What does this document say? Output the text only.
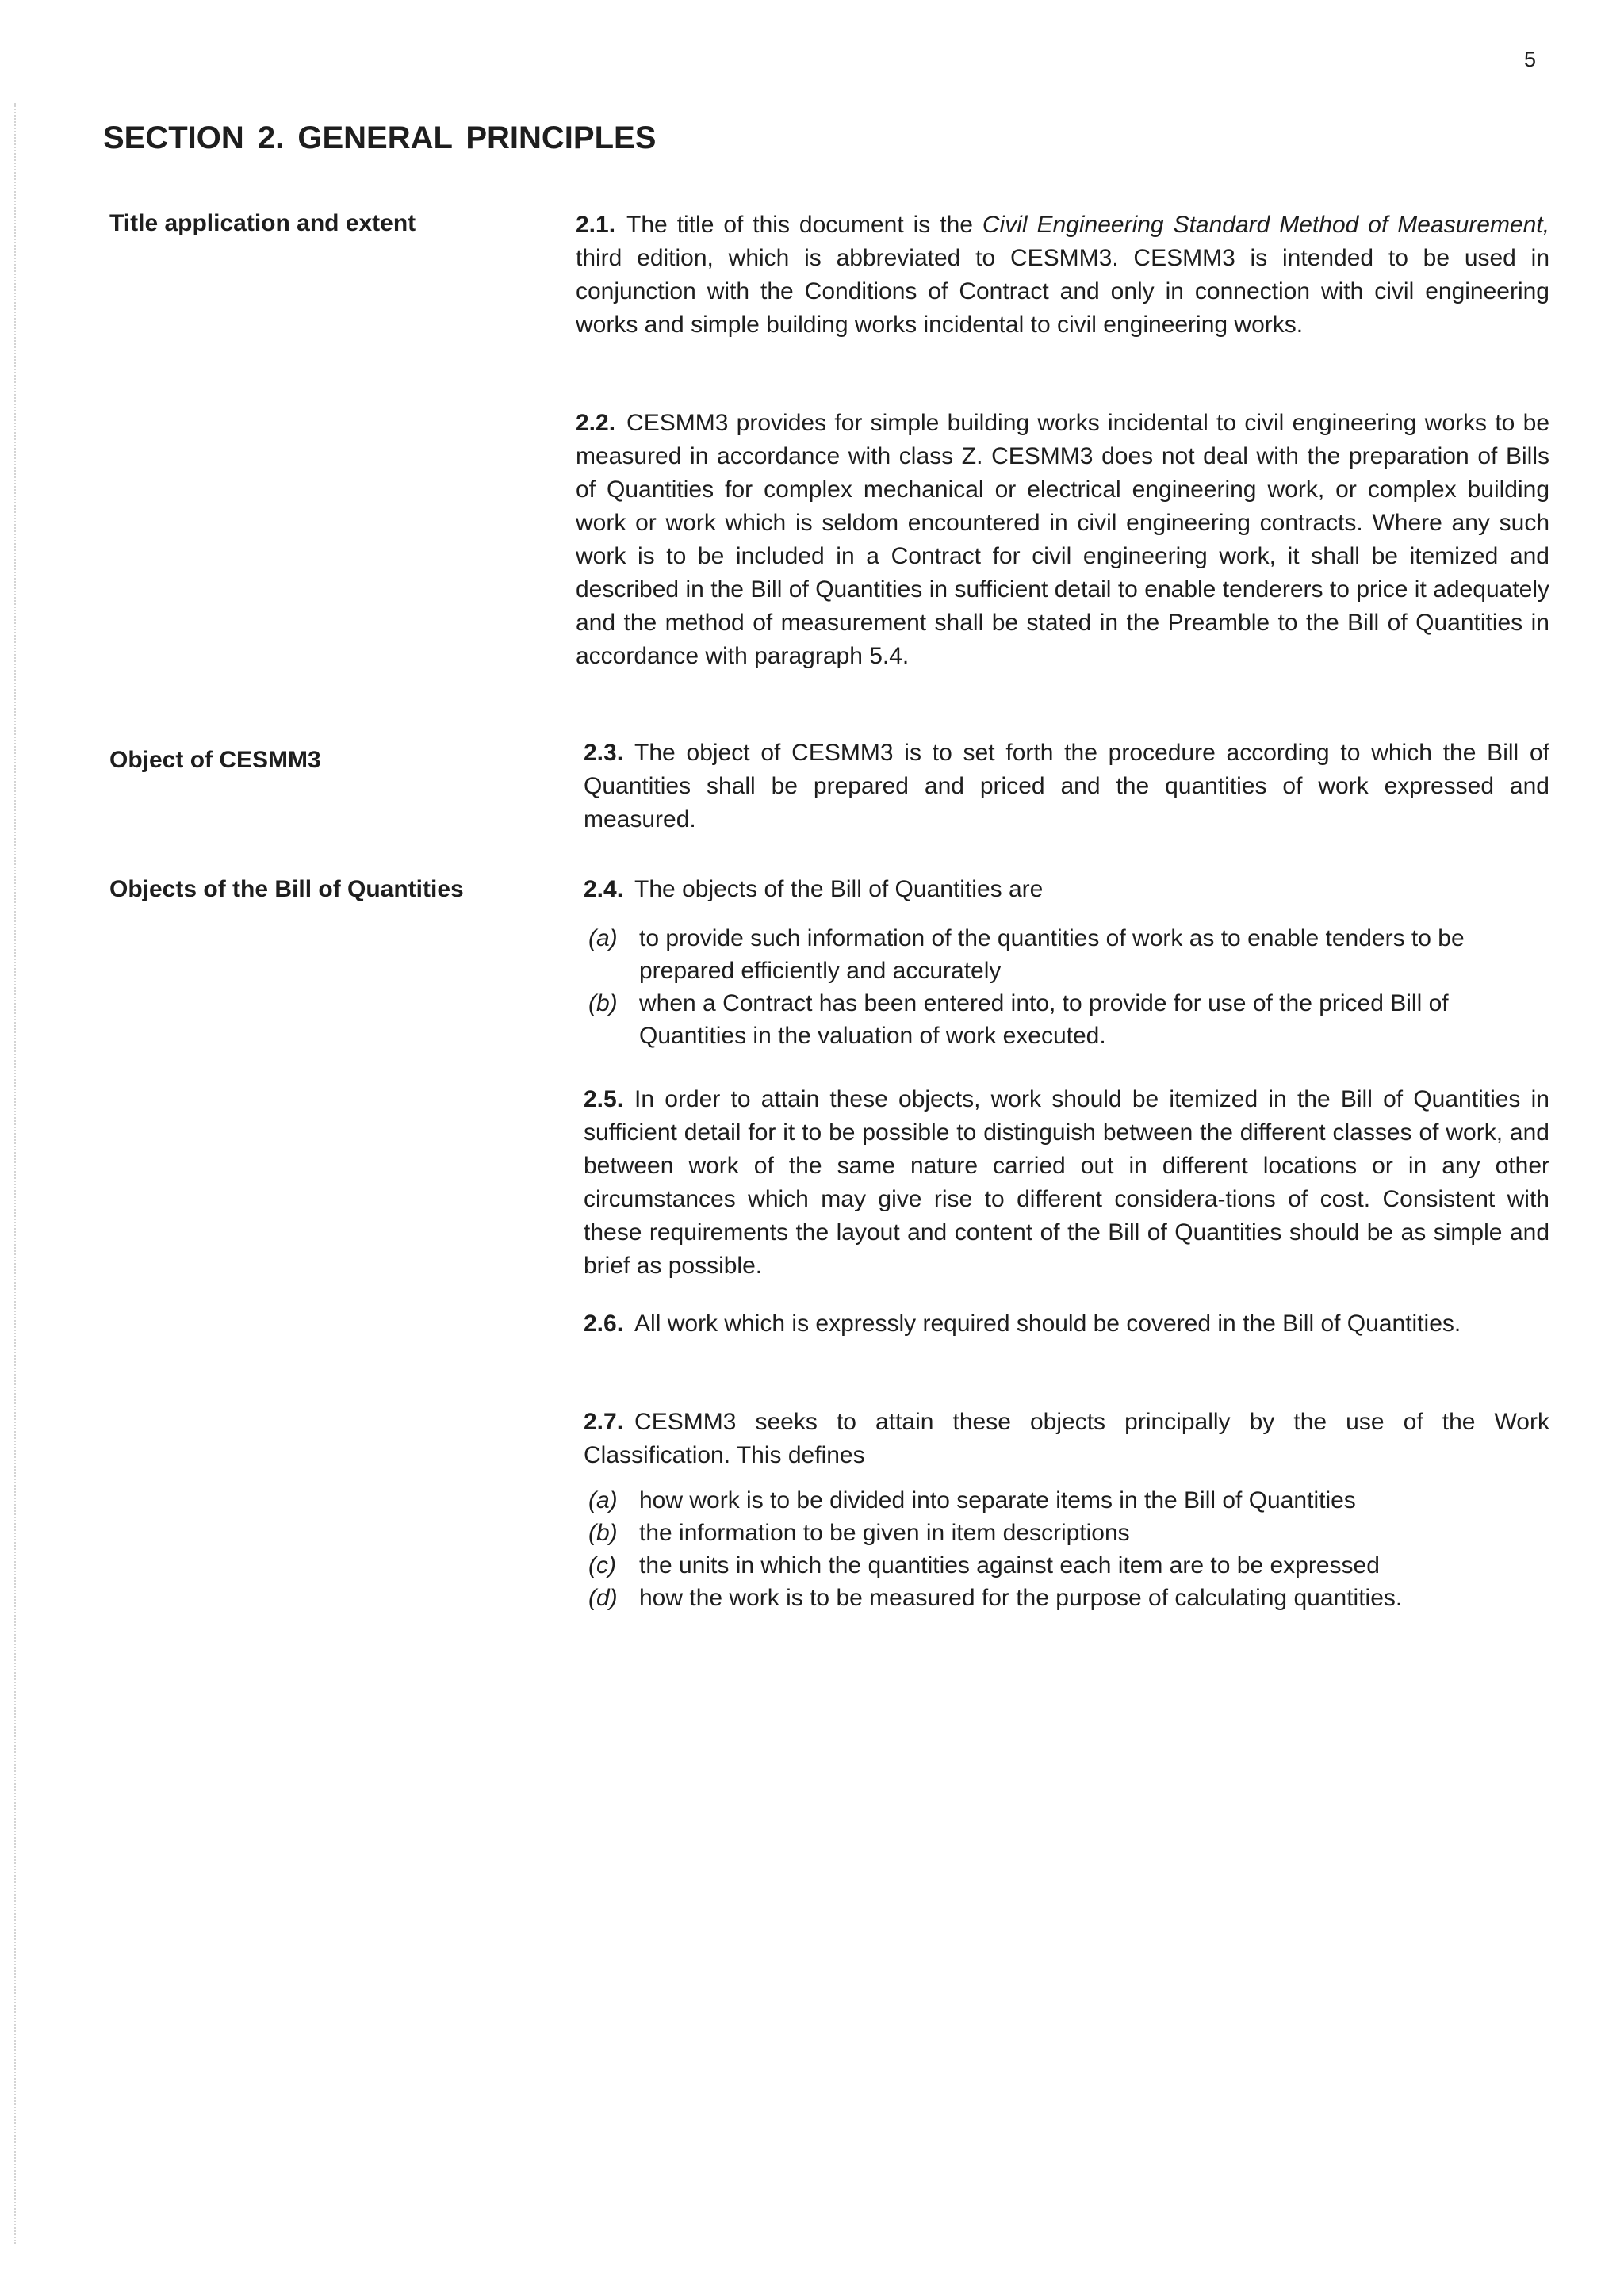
5
SECTION 2. GENERAL PRINCIPLES
Title application and extent
Object of CESMM3
Objects of the Bill of Quantities

2.1. The title of this document is the Civil Engineering Standard Method of Measurement, third edition, which is abbreviated to CESMM3. CESMM3 is intended to be used in conjunction with the Conditions of Contract and only in connection with civil engineering works and simple building works incidental to civil engineering works.

2.2. CESMM3 provides for simple building works incidental to civil engineering works to be measured in accordance with class Z. CESMM3 does not deal with the preparation of Bills of Quantities for complex mechanical or electrical engineering work, or complex building work or work which is seldom encountered in civil engineering contracts. Where any such work is to be included in a Contract for civil engineering work, it shall be itemized and described in the Bill of Quantities in sufficient detail to enable tenderers to price it adequately and the method of measurement shall be stated in the Preamble to the Bill of Quantities in accordance with paragraph 5.4.

2.3. The object of CESMM3 is to set forth the procedure according to which the Bill of Quantities shall be prepared and priced and the quantities of work expressed and measured.

2.4. The objects of the Bill of Quantities are

(a) to provide such information of the quantities of work as to enable tenders to be prepared efficiently and accurately
(b) when a Contract has been entered into, to provide for use of the priced Bill of Quantities in the valuation of work executed.

2.5. In order to attain these objects, work should be itemized in the Bill of Quantities in sufficient detail for it to be possible to distinguish between the different classes of work, and between work of the same nature carried out in different locations or in any other circumstances which may give rise to different considera-tions of cost. Consistent with these requirements the layout and content of the Bill of Quantities should be as simple and brief as possible.

2.6. All work which is expressly required should be covered in the Bill of Quantities.

2.7. CESMM3 seeks to attain these objects principally by the use of the Work Classification. This defines

(a) how work is to be divided into separate items in the Bill of Quantities
(b) the information to be given in item descriptions
(c) the units in which the quantities against each item are to be expressed
(d) how the work is to be measured for the purpose of calculating quantities.
